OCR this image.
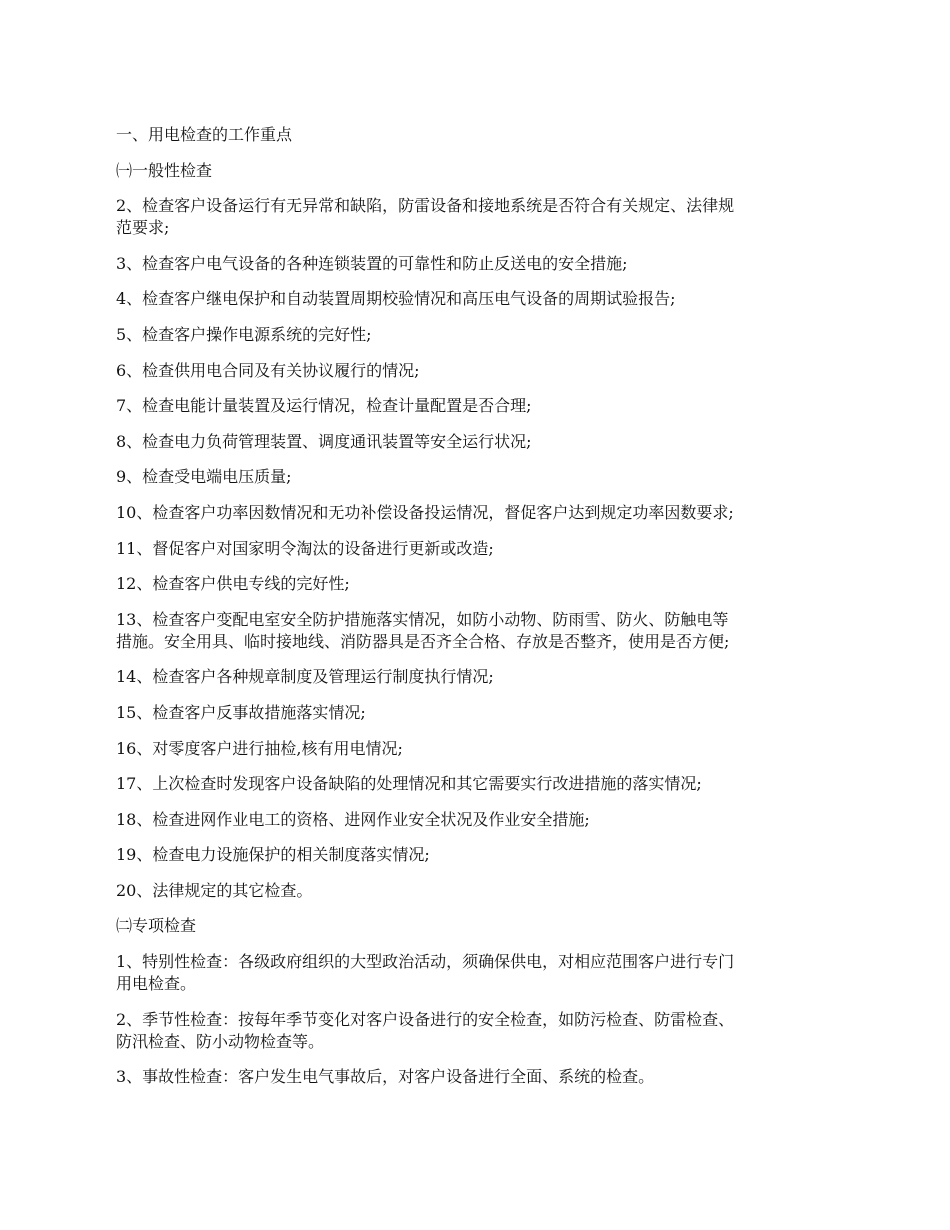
一、用电检查的工作重点

㈠一般性检查

2、检查客户设备运行有无异常和缺陷，防雷设备和接地系统是否符合有关规定、法律规
范要求;

3、检查客户电气设备的各种连锁装置的可靠性和防止反送电的安全措施;

4、检查客户继电保护和自动装置周期校验情况和高压电气设备的周期试验报告;

5、检查客户操作电源系统的完好性;

6、检查供用电合同及有关协议履行的情况;

7、检查电能计量装置及运行情况，检查计量配置是否合理;

8、检查电力负荷管理装置、调度通讯装置等安全运行状况;

9、检查受电端电压质量;

10、检查客户功率因数情况和无功补偿设备投运情况，督促客户达到规定功率因数要求;

11、督促客户对国家明令淘汰的设备进行更新或改造;

12、检查客户供电专线的完好性;

13、检查客户变配电室安全防护措施落实情况，如防小动物、防雨雪、防火、防触电等
措施。安全用具、临时接地线、消防器具是否齐全合格、存放是否整齐，使用是否方便;

14、检查客户各种规章制度及管理运行制度执行情况;

15、检查客户反事故措施落实情况;

16、对零度客户进行抽检,核有用电情况;

17、上次检查时发现客户设备缺陷的处理情况和其它需要实行改进措施的落实情况;

18、检查进网作业电工的资格、进网作业安全状况及作业安全措施;

19、检查电力设施保护的相关制度落实情况;

20、法律规定的其它检查。

㈡专项检查

1、特别性检查：各级政府组织的大型政治活动，须确保供电，对相应范围客户进行专门
用电检查。

2、季节性检查：按每年季节变化对客户设备进行的安全检查，如防污检查、防雷检查、
防汛检查、防小动物检查等。

3、事故性检查：客户发生电气事故后，对客户设备进行全面、系统的检查。
